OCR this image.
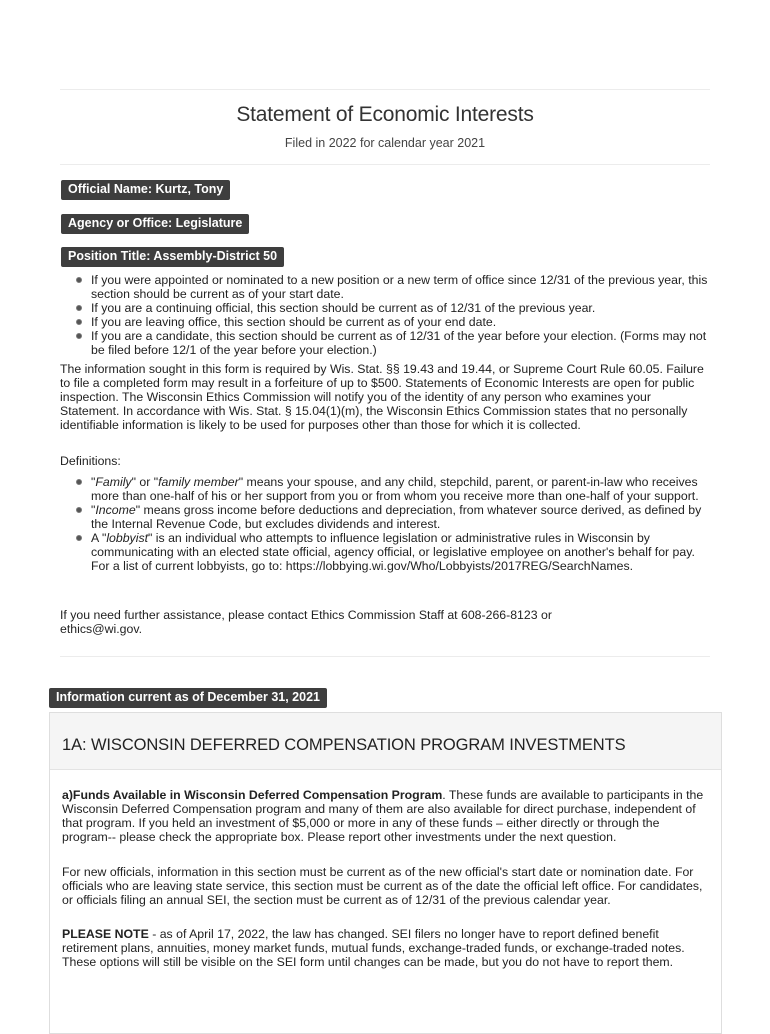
Statement of Economic Interests
Filed in 2022 for calendar year 2021
Official Name: Kurtz, Tony
Agency or Office: Legislature
Position Title: Assembly-District 50
If you were appointed or nominated to a new position or a new term of office since 12/31 of the previous year, this section should be current as of your start date.
If you are a continuing official, this section should be current as of 12/31 of the previous year.
If you are leaving office, this section should be current as of your end date.
If you are a candidate, this section should be current as of 12/31 of the year before your election. (Forms may not be filed before 12/1 of the year before your election.)

The information sought in this form is required by Wis. Stat. §§ 19.43 and 19.44, or Supreme Court Rule 60.05. Failure to file a completed form may result in a forfeiture of up to $500. Statements of Economic Interests are open for public inspection. The Wisconsin Ethics Commission will notify you of the identity of any person who examines your Statement. In accordance with Wis. Stat. § 15.04(1)(m), the Wisconsin Ethics Commission states that no personally identifiable information is likely to be used for purposes other than those for which it is collected.

Definitions:

"Family" or "family member" means your spouse, and any child, stepchild, parent, or parent-in-law who receives more than one-half of his or her support from you or from whom you receive more than one-half of your support.
"Income" means gross income before deductions and depreciation, from whatever source derived, as defined by the Internal Revenue Code, but excludes dividends and interest.
A "lobbyist" is an individual who attempts to influence legislation or administrative rules in Wisconsin by communicating with an elected state official, agency official, or legislative employee on another's behalf for pay. For a list of current lobbyists, go to: https://lobbying.wi.gov/Who/Lobbyists/2017REG/SearchNames.

If you need further assistance, please contact Ethics Commission Staff at 608-266-8123 or
ethics@wi.gov.

Information current as of December 31, 2021
1A: WISCONSIN DEFERRED COMPENSATION PROGRAM INVESTMENTS

a)Funds Available in Wisconsin Deferred Compensation Program. These funds are available to participants in the Wisconsin Deferred Compensation program and many of them are also available for direct purchase, independent of that program. If you held an investment of $5,000 or more in any of these funds – either directly or through the program-- please check the appropriate box. Please report other investments under the next question.

For new officials, information in this section must be current as of the new official's start date or nomination date. For officials who are leaving state service, this section must be current as of the date the official left office. For candidates, or officials filing an annual SEI, the section must be current as of 12/31 of the previous calendar year.

PLEASE NOTE - as of April 17, 2022, the law has changed. SEI filers no longer have to report defined benefit retirement plans, annuities, money market funds, mutual funds, exchange-traded funds, or exchange-traded notes. These options will still be visible on the SEI form until changes can be made, but you do not have to report them.
